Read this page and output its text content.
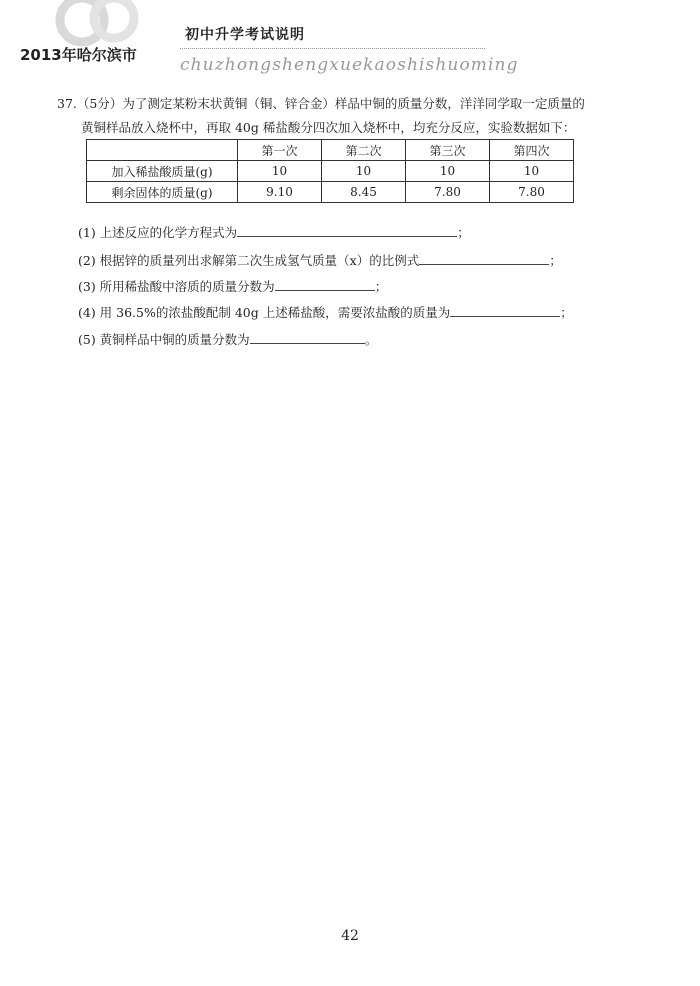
初中升学考试说明
2013年哈尔滨市	chuzhongshengxuekaoshishuoming
37.（5分）为了测定某粉末状黄铜（铜、锌合金）样品中铜的质量分数，洋洋同学取一定质量的
黄铜样品放入烧杯中，再取 40g 稀盐酸分四次加入烧杯中，均充分反应，实验数据如下：
	第一次	第二次	第三次	第四次
加入稀盐酸质量(g)	10	10	10	10
剩余固体的质量(g)	9.10	8.45	7.80	7.80
(1) 上述反应的化学方程式为	；
(2) 根据锌的质量列出求解第二次生成氢气质量（x）的比例式	；
(3) 所用稀盐酸中溶质的质量分数为	；
(4) 用 36.5%的浓盐酸配制 40g 上述稀盐酸，需要浓盐酸的质量为	；
(5) 黄铜样品中铜的质量分数为	。
42
